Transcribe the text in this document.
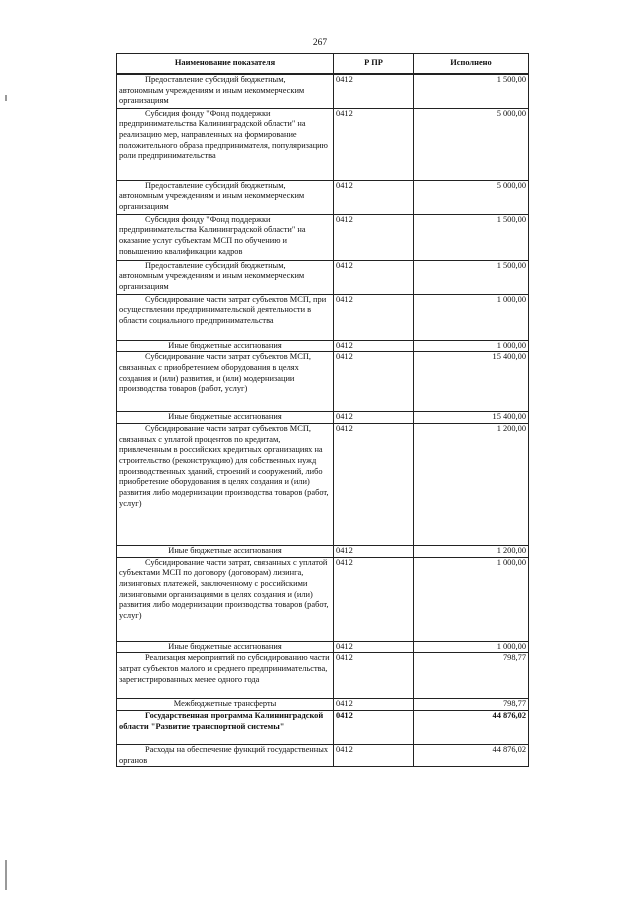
267
Наименование показателя	Р ПР	Исполнено
Предоставление субсидий бюджетным, автономным учреждениям и иным некоммерческим организациям	0412	1 500,00
Субсидия фонду "Фонд поддержки предпринимательства Калининградской области" на реализацию мер, направленных на формирование положительного образа предпринимателя, популяризацию роли предпринимательства	0412	5 000,00
Предоставление субсидий бюджетным, автономным учреждениям и иным некоммерческим организациям	0412	5 000,00
Субсидия фонду "Фонд поддержки предпринимательства Калининградской области" на оказание услуг субъектам МСП по обучению и повышению квалификации кадров	0412	1 500,00
Предоставление субсидий бюджетным, автономным учреждениям и иным некоммерческим организациям	0412	1 500,00
Субсидирование части затрат субъектов МСП, при осуществлении предпринимательской деятельности в области социального предпринимательства	0412	1 000,00
Иные бюджетные ассигнования	0412	1 000,00
Субсидирование части затрат субъектов МСП, связанных с приобретением оборудования в целях создания и (или) развития, и (или) модернизации производства товаров (работ, услуг)	0412	15 400,00
Иные бюджетные ассигнования	0412	15 400,00
Субсидирование части затрат субъектов МСП, связанных с уплатой процентов по кредитам, привлеченным в российских кредитных организациях на строительство (реконструкцию) для собственных нужд производственных зданий, строений и сооружений, либо приобретение оборудования в целях создания и (или) развития либо модернизации производства товаров (работ, услуг)	0412	1 200,00
Иные бюджетные ассигнования	0412	1 200,00
Субсидирование части затрат, связанных с уплатой субъектами МСП по договору (договорам) лизинга, лизинговых платежей, заключенному с российскими лизинговыми организациями в целях создания и (или) развития либо модернизации производства товаров (работ, услуг)	0412	1 000,00
Иные бюджетные ассигнования	0412	1 000,00
Реализация мероприятий по субсидированию части затрат субъектов малого и среднего предпринимательства, зарегистрированных менее одного года	0412	798,77
Межбюджетные трансферты	0412	798,77
Государственная программа Калининградской области "Развитие транспортной системы"	0412	44 876,02
Расходы на обеспечение функций государственных органов	0412	44 876,02
